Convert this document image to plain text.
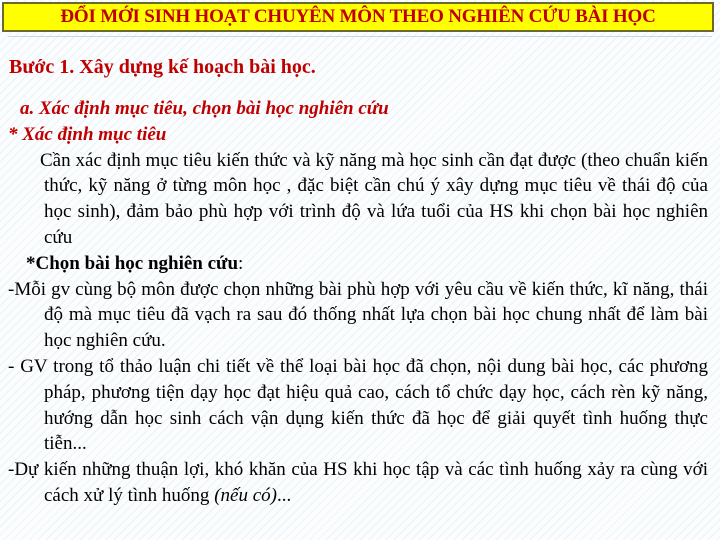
ĐỔI MỚI SINH HOẠT CHUYÊN MÔN THEO NGHIÊN CỨU BÀI HỌC
Bước 1. Xây dựng kế hoạch bài học.
a. Xác định mục tiêu, chọn bài học nghiên cứu
* Xác định mục tiêu
Cần xác định mục tiêu kiến thức và kỹ năng mà học sinh cần đạt được (theo chuẩn kiến thức, kỹ năng ở từng môn học , đặc biệt cần chú ý xây dựng mục tiêu về thái độ của học sinh), đảm bảo phù hợp với trình độ và lứa tuổi của HS khi chọn bài học nghiên cứu
*Chọn bài học nghiên cứu:
-Mỗi gv cùng bộ môn được chọn những bài phù hợp với yêu cầu về kiến thức, kĩ năng, thái độ mà mục tiêu đã vạch ra sau đó thống nhất lựa chọn bài học chung nhất để làm bài học nghiên cứu.
- GV trong tổ thảo luận chi tiết về thể loại bài học đã chọn, nội dung bài học, các phương pháp, phương tiện dạy học đạt hiệu quả cao, cách tổ chức dạy học, cách rèn kỹ năng, hướng dẫn học sinh cách vận dụng kiến thức đã học để giải quyết tình huống thực tiễn...
-Dự kiến những thuận lợi, khó khăn của HS khi học tập và các tình huống xảy ra cùng với cách xử lý tình huống (nếu có)...
